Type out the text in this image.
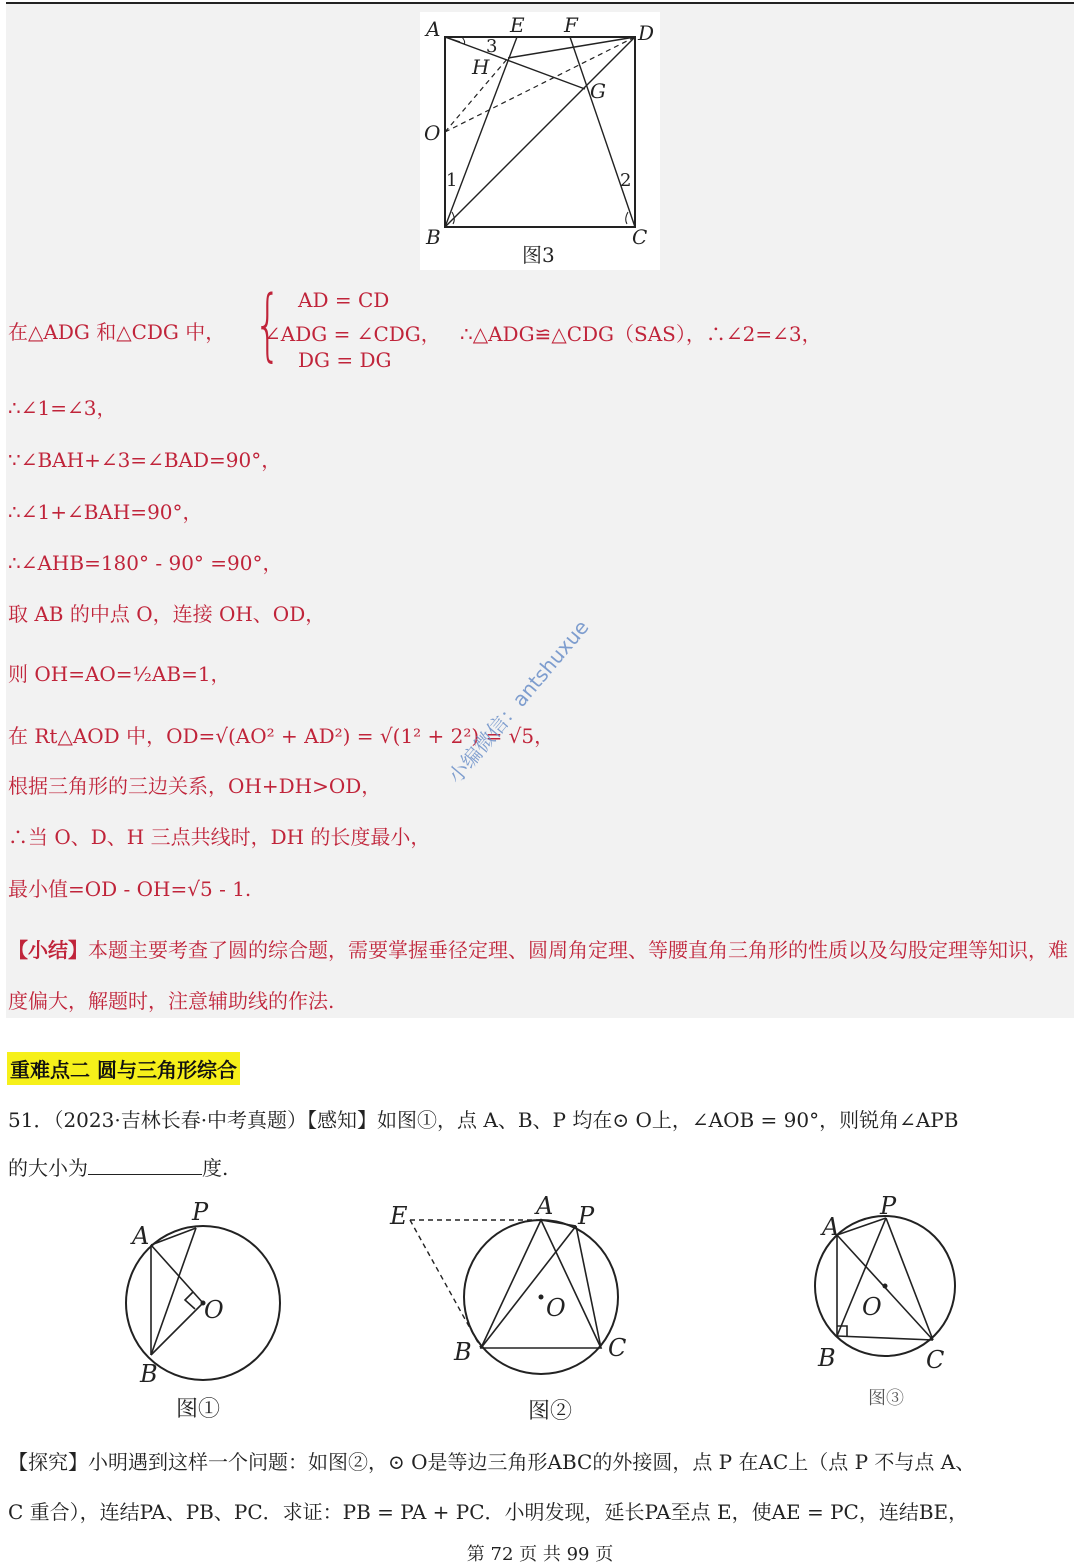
A	E F	D
H
G
O
B	C
1	2
3
图3
在△ADG 和△CDG 中， { AD = CD
∠ADG = ∠CDG，
DG = DG
∴△ADG≌△CDG（SAS），∴∠2=∠3，
∴∠1=∠3，
∵∠BAH+∠3=∠BAD=90°，
∴∠1+∠BAH=90°，
∴∠AHB=180° - 90° =90°，
取 AB 的中点 O，连接 OH、OD，
则 OH=AO=½AB=1，
在 Rt△AOD 中，OD=√(AO² + AD²) = √(1² + 2²) = √5，
根据三角形的三边关系，OH+DH>OD，
∴当 O、D、H 三点共线时，DH 的长度最小，
最小值=OD - OH=√5 - 1.
【小结】本题主要考查了圆的综合题，需要掌握垂径定理、圆周角定理、等腰直角三角形的性质以及勾股定理等知识，难度偏大，解题时，注意辅助线的作法.
小编微信：antshuxue
重难点二 圆与三角形综合
51．（2023·吉林长春·中考真题）【感知】如图①，点 A、B、P 均在⊙ O上，∠AOB = 90°，则锐角∠APB
的大小为	度.
A
P
O
B
图①
E	A P
O
B	C
图②
A
P
O
B	C
图③
【探究】小明遇到这样一个问题：如图②，⊙ O是等边三角形ABC的外接圆，点 P 在AC上（点 P 不与点 A、
C 重合），连结PA、PB、PC．求证：PB = PA + PC．小明发现，延长PA至点 E，使AE = PC，连结BE，
第 72 页 共 99 页
